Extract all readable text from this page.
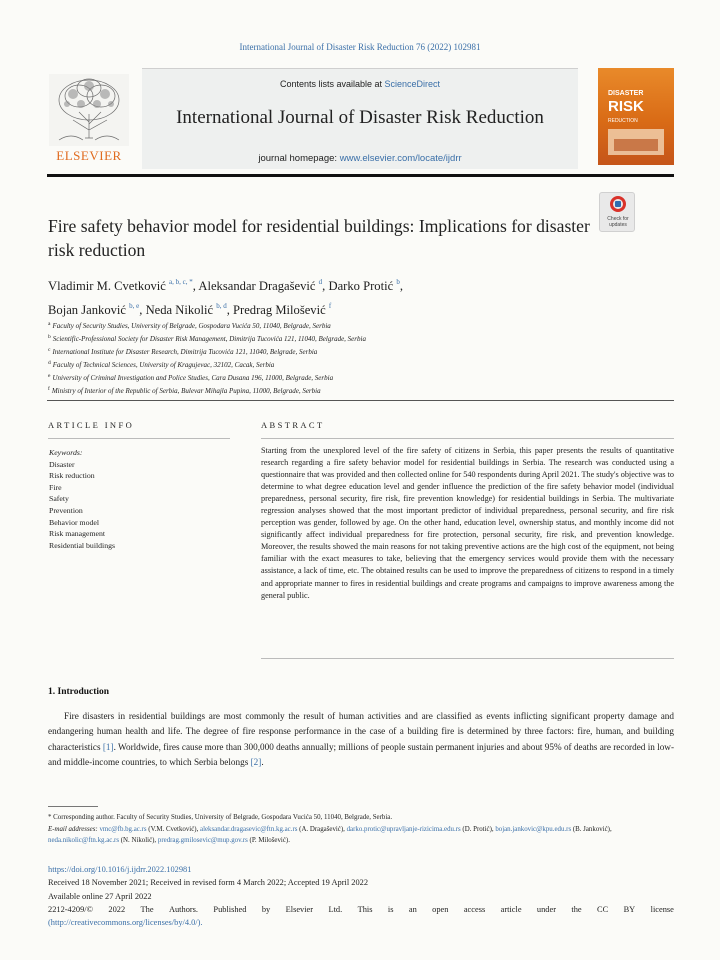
International Journal of Disaster Risk Reduction 76 (2022) 102981
ELSEVIER
Contents lists available at ScienceDirect
International Journal of Disaster Risk Reduction
journal homepage: www.elsevier.com/locate/ijdrr
DISASTER
RISK
REDUCTION
Check for updates
Fire safety behavior model for residential buildings: Implications for disaster risk reduction
Vladimir M. Cvetković $^{a, b, c, *}$, Aleksandar Dragašević $^d$, Darko Protić $^b$,
Bojan Janković $^{b, e}$, Neda Nikolić $^{b, d}$, Predrag Milošević $^f$
$^a$ Faculty of Security Studies, University of Belgrade, Gospodara Vucića 50, 11040, Belgrade, Serbia
$^b$ Scientific-Professional Society for Disaster Risk Management, Dimitrija Tucovića 121, 11040, Belgrade, Serbia
$^c$ International Institute for Disaster Research, Dimitrija Tucovića 121, 11040, Belgrade, Serbia
$^d$ Faculty of Technical Sciences, University of Kragujevac, 32102, Cacak, Serbia
$^e$ University of Criminal Investigation and Police Studies, Cara Dusana 196, 11000, Belgrade, Serbia
$^f$ Ministry of Interior of the Republic of Serbia, Bulevar Mihajla Pupina, 11000, Belgrade, Serbia
ARTICLE INFO
Keywords:
Disaster
Risk reduction
Fire
Safety
Prevention
Behavior model
Risk management
Residential buildings
ABSTRACT
Starting from the unexplored level of the fire safety of citizens in Serbia, this paper presents the results of quantitative research regarding a fire safety behavior model for residential buildings in Serbia. The research was conducted using a questionnaire that was provided and then collected online for 540 respondents during April 2021. The study's objective was to determine to what degree education level and gender influence the prediction of the fire safety behavior model (individual preparedness, personal security, fire risk, fire prevention knowledge) for residential buildings in Serbia. The multivariate regression analyses showed that the most important predictor of individual preparedness, personal security, and fire risk perception was gender, followed by age. On the other hand, education level, ownership status, and monthly income did not significantly affect individual preparedness for fire protection, personal security, fire risk, and prevention knowledge. Moreover, the results showed the main reasons for not taking preventive actions are the high cost of the equipment, not being familiar with the exact measures to take, believing that the emergency services would provide them with the necessary assistance, a lack of time, etc. The obtained results can be used to improve the preparedness of citizens to respond in a timely and appropriate manner to fires in residential buildings and create programs and campaigns to improve awareness among the general public.
1. Introduction
Fire disasters in residential buildings are most commonly the result of human activities and are classified as events inflicting significant property damage and endangering human health and life. The degree of fire response performance in the case of a building fire is determined by three factors: fire, human, and building characteristics [1]. Worldwide, fires cause more than 300,000 deaths annually; millions of people sustain permanent injuries and about 95% of deaths are recorded in low- and middle-income countries, to which Serbia belongs [2].
* Corresponding author. Faculty of Security Studies, University of Belgrade, Gospodara Vucića 50, 11040, Belgrade, Serbia.
E-mail addresses: vmc@fb.bg.ac.rs (V.M. Cvetković), aleksandar.dragasevic@ftn.kg.ac.rs (A. Dragašević), darko.protic@upravljanje-rizicima.edu.rs (D. Protić), bojan.jankovic@kpu.edu.rs (B. Janković), neda.nikolic@ftn.kg.ac.rs (N. Nikolić), predrag.gmilosevic@mup.gov.rs (P. Milošević).
https://doi.org/10.1016/j.ijdrr.2022.102981
Received 18 November 2021; Received in revised form 4 March 2022; Accepted 19 April 2022
Available online 27 April 2022
2212-4209/© 2022 The Authors. Published by Elsevier Ltd. This is an open access article under the CC BY license
(http://creativecommons.org/licenses/by/4.0/).
